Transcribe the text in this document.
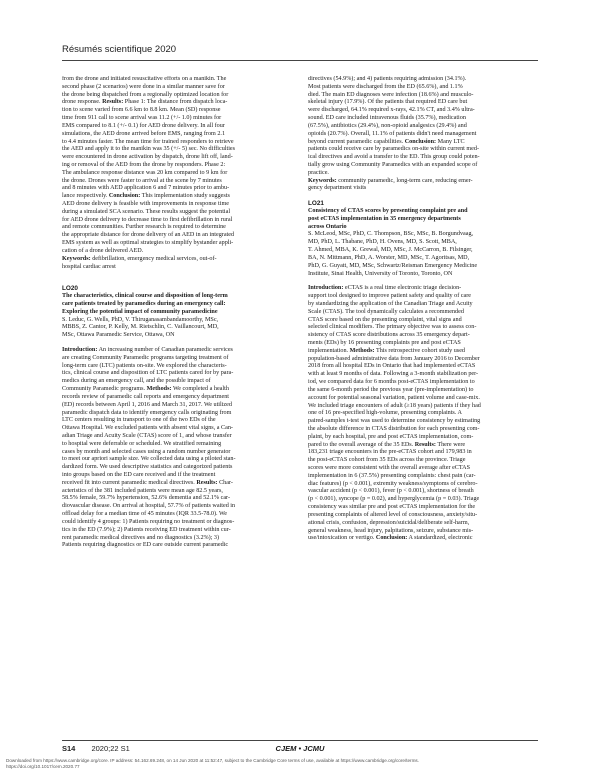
Résumés scientifique 2020

from the drone and initiated resuscitative efforts on a manikin. The

second phase (2 scenarios) were done in a similar manner save for

the drone being dispatched from a regionally optimized location for

drone response. Results: Phase 1: The distance from dispatch loca-

tion to scene varied from 6.6 km to 8.8 km. Mean (SD) response

time from 911 call to scene arrival was 11.2 (+/- 1.0) minutes for

EMS compared to 8.1 (+/- 0.1) for AED drone delivery. In all four

simulations, the AED drone arrived before EMS, ranging from 2.1

to 4.4 minutes faster. The mean time for trained responders to retrieve

the AED and apply it to the manikin was 35 (+/- 5) sec. No difficulties

were encountered in drone activation by dispatch, drone lift off, land-

ing or removal of the AED from the drone by responders. Phase 2:

The ambulance response distance was 20 km compared to 9 km for

the drone. Drones were faster to arrival at the scene by 7 minutes

and 8 minutes with AED application 6 and 7 minutes prior to ambu-

lance respectively. Conclusion: This implementation study suggests

AED drone delivery is feasible with improvements in response time

during a simulated SCA scenario. These results suggest the potential

for AED drone delivery to decrease time to first defibrillation in rural

and remote communities. Further research is required to determine

the appropriate distance for drone delivery of an AED in an integrated

EMS system as well as optimal strategies to simplify bystander appli-

cation of a drone delivered AED.

Keywords: defibrillation, emergency medical services, out-of-

hospital cardiac arrest

LO20

The characteristics, clinical course and disposition of long-term

care patients treated by paramedics during an emergency call:

Exploring the potential impact of community paramedicine

S. Leduc, G. Wells, PhD, V. Thiruganasambandamoorthy, MSc,

MBBS, Z. Cantor, P. Kelly, M. Rietschlin, C. Vaillancourt, MD,

MSc, Ottawa Paramedic Service, Ottawa, ON

Introduction: An increasing number of Canadian paramedic services

are creating Community Paramedic programs targeting treatment of

long-term care (LTC) patients on-site. We explored the characteris-

tics, clinical course and disposition of LTC patients cared for by para-

medics during an emergency call, and the possible impact of

Community Paramedic programs. Methods: We completed a health

records review of paramedic call reports and emergency department

(ED) records between April 1, 2016 and March 31, 2017. We utilized

paramedic dispatch data to identify emergency calls originating from

LTC centers resulting in transport to one of the two EDs of the

Ottawa Hospital. We excluded patients with absent vital signs, a Can-

adian Triage and Acuity Scale (CTAS) score of 1, and whose transfer

to hospital were deferrable or scheduled. We stratified remaining

cases by month and selected cases using a random number generator

to meet our apriori sample size. We collected data using a piloted stan-

dardized form. We used descriptive statistics and categorized patients

into groups based on the ED care received and if the treatment

received fit into current paramedic medical directives. Results: Char-

acteristics of the 381 included patients were mean age 82.5 years,

58.5% female, 59.7% hypertension, 52.6% dementia and 52.1% car-

diovascular disease. On arrival at hospital, 57.7% of patients waited in

offload delay for a median time of 45 minutes (IQR 33.5-78.0). We

could identify 4 groups: 1) Patients requiring no treatment or diagnos-

tics in the ED (7.9%); 2) Patients receiving ED treatment within cur-

rent paramedic medical directives and no diagnostics (3.2%); 3)

Patients requiring diagnostics or ED care outside current paramedic

directives (54.9%); and 4) patients requiring admission (34.1%).

Most patients were discharged from the ED (65.6%), and 1.1%

died. The main ED diagnoses were infection (18.6%) and musculo-

skeletal injury (17.9%). Of the patients that required ED care but

were discharged, 64.1% required x-rays, 42.1% CT, and 3.4% ultra-

sound. ED care included intravenous fluids (35.7%), medication

(67.5%), antibiotics (29.4%), non-opioid analgesics (29.4%) and

opioids (20.7%). Overall, 11.1% of patients didn't need management

beyond current paramedic capabilities. Conclusion: Many LTC

patients could receive care by paramedics on-site within current med-

ical directives and avoid a transfer to the ED. This group could poten-

tially grow using Community Paramedics with an expanded scope of

practice.

Keywords: community paramedic, long-term care, reducing emer-

gency department visits

LO21

Consistency of CTAS scores by presenting complaint pre and

post eCTAS implementation in 35 emergency departments

across Ontario

S. McLeod, MSc, PhD, C. Thompson, BSc, MSc, B. Borgundvaag,

MD, PhD, L. Thabane, PhD, H. Ovens, MD, S. Scott, MBA,

T. Ahmed, MBA, K. Grewal, MD, MSc, J. McCarron, B. Filsinger,

BA, N. Mittmann, PhD, A. Worster, MD, MSc, T. Agoritsas, MD,

PhD, G. Guyatt, MD, MSc, Schwartz/Reisman Emergency Medicine

Institute, Sinai Health, University of Toronto, Toronto, ON

Introduction: eCTAS is a real time electronic triage decision-

support tool designed to improve patient safety and quality of care

by standardizing the application of the Canadian Triage and Acuity

Scale (CTAS). The tool dynamically calculates a recommended

CTAS score based on the presenting complaint, vital signs and

selected clinical modifiers. The primary objective was to assess con-

sistency of CTAS score distributions across 35 emergency depart-

ments (EDs) by 16 presenting complaints pre and post eCTAS

implementation. Methods: This retrospective cohort study used

population-based administrative data from January 2016 to December

2018 from all hospital EDs in Ontario that had implemented eCTAS

with at least 9 months of data. Following a 3-month stabilization per-

iod, we compared data for 6 months post-eCTAS implementation to

the same 6-month period the previous year (pre-implementation) to

account for potential seasonal variation, patient volume and case-mix.

We included triage encounters of adult (≥18 years) patients if they had

one of 16 pre-specified high-volume, presenting complaints. A

paired-samples t-test was used to determine consistency by estimating

the absolute difference in CTAS distribution for each presenting com-

plaint, by each hospital, pre and post eCTAS implementation, com-

pared to the overall average of the 35 EDs. Results: There were

183,231 triage encounters in the pre-eCTAS cohort and 179,983 in

the post-eCTAS cohort from 35 EDs across the province. Triage

scores were more consistent with the overall average after eCTAS

implementation in 6 (37.5%) presenting complaints: chest pain (car-

diac features) (p < 0.001), extremity weakness/symptoms of cerebro-

vascular accident (p < 0.001), fever (p < 0.001), shortness of breath

(p < 0.001), syncope (p = 0.02), and hyperglycemia (p = 0.03). Triage

consistency was similar pre and post eCTAS implementation for the

presenting complaints of altered level of consciousness, anxiety/situ-

ational crisis, confusion, depression/suicidal/deliberate self-harm,

general weakness, head injury, palpitations, seizure, substance mis-

use/intoxication or vertigo. Conclusion: A standardized, electronic

S14 2020;22 S1	CJEM • JCMU
Downloaded from https://www.cambridge.org/core. IP address: 54.162.69.248, on 14 Jun 2020 at 11:52:47, subject to the Cambridge Core terms of use, available at https://www.cambridge.org/core/terms.
https://doi.org/10.1017/cem.2020.77
